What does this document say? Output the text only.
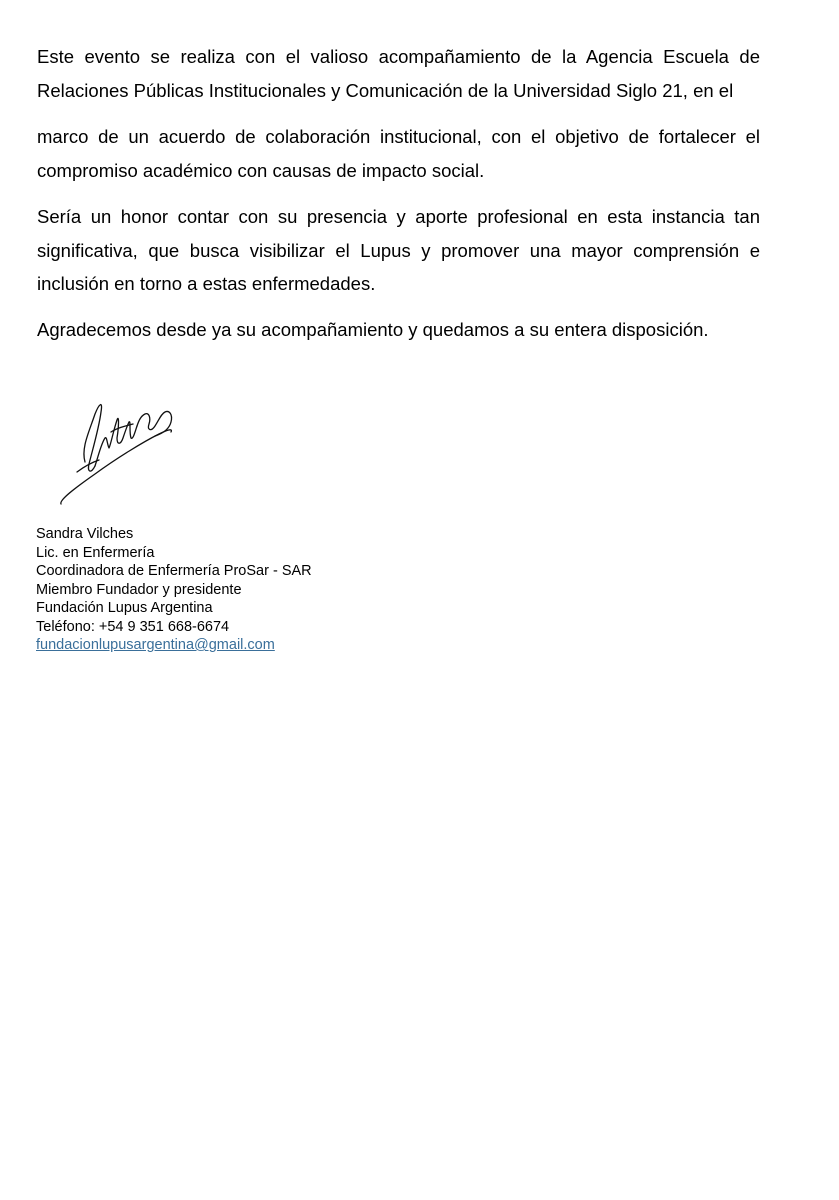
Este evento se realiza con el valioso acompañamiento de la Agencia Escuela de
Relaciones Públicas Institucionales y Comunicación de la Universidad Siglo 21, en el
marco de un acuerdo de colaboración institucional, con el objetivo de fortalecer el
compromiso académico con causas de impacto social.
Sería un honor contar con su presencia y aporte profesional en esta instancia tan
significativa, que busca visibilizar el Lupus y promover una mayor comprensión e
inclusión en torno a estas enfermedades.
Agradecemos desde ya su acompañamiento y quedamos a su entera disposición.
Sandra Vilches
Lic. en Enfermería
Coordinadora de Enfermería ProSar - SAR
Miembro Fundador y presidente
Fundación Lupus Argentina
Teléfono: +54 9 351 668-6674
fundacionlupusargentina@gmail.com
